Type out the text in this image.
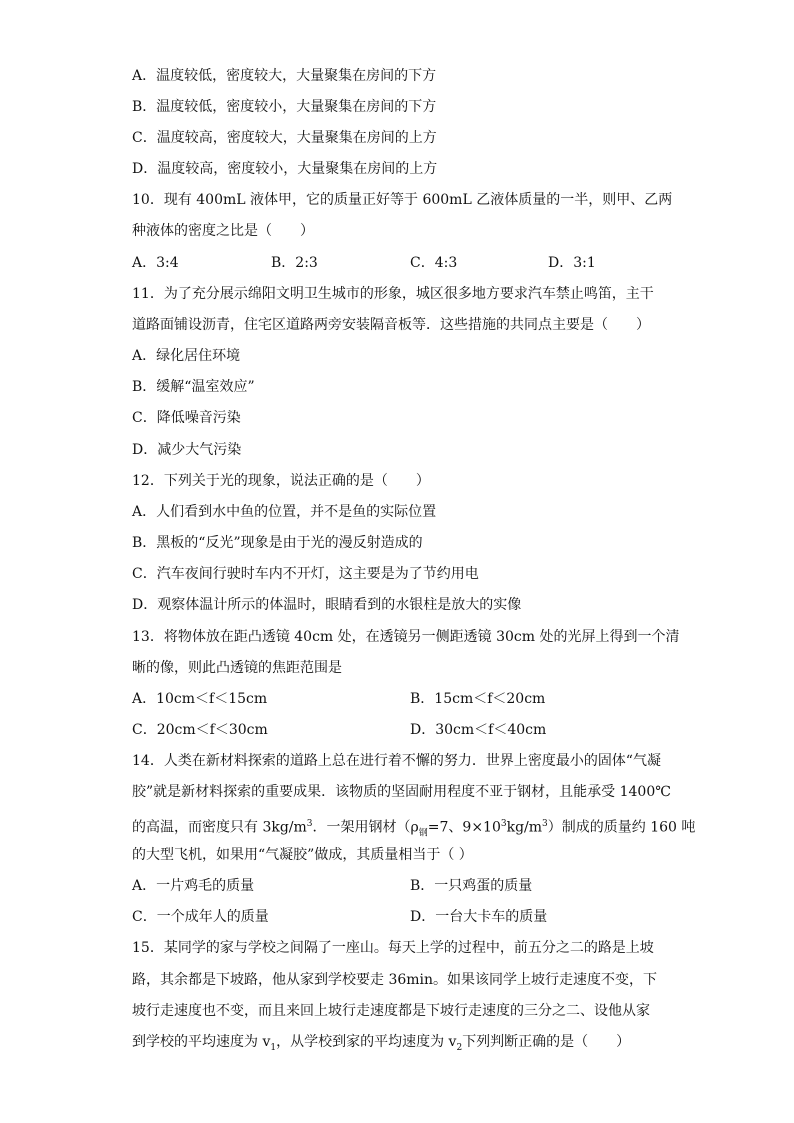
A．温度较低，密度较大，大量聚集在房间的下方
B．温度较低，密度较小，大量聚集在房间的下方
C．温度较高，密度较大，大量聚集在房间的上方
D．温度较高，密度较小，大量聚集在房间的上方
10．现有 400mL 液体甲，它的质量正好等于 600mL 乙液体质量的一半，则甲、乙两
种液体的密度之比是（　　）
A．3:4	B．2:3	C．4:3	D．3:1
11．为了充分展示绵阳文明卫生城市的形象，城区很多地方要求汽车禁止鸣笛，主干
道路面铺设沥青，住宅区道路两旁安装隔音板等．这些措施的共同点主要是（　　）
A．绿化居住环境
B．缓解“温室效应”
C．降低噪音污染
D．减少大气污染
12．下列关于光的现象，说法正确的是（　　）
A．人们看到水中鱼的位置，并不是鱼的实际位置
B．黑板的“反光”现象是由于光的漫反射造成的
C．汽车夜间行驶时车内不开灯，这主要是为了节约用电
D．观察体温计所示的体温时，眼睛看到的水银柱是放大的实像
13．将物体放在距凸透镜 40cm 处，在透镜另一侧距透镜 30cm 处的光屏上得到一个清
晰的像，则此凸透镜的焦距范围是
A．10cm＜f＜15cm	B．15cm＜f＜20cm
C．20cm＜f＜30cm	D．30cm＜f＜40cm
14．人类在新材料探索的道路上总在进行着不懈的努力．世界上密度最小的固体“气凝
胶”就是新材料探索的重要成果．该物质的坚固耐用程度不亚于钢材，且能承受 1400℃
的高温，而密度只有 $3kg/m^3$．一架用钢材（$\rho_钢=7$、$9\times 10^3kg/m^3$）制成的质量约 160 吨
的大型飞机，如果用“气凝胶”做成，其质量相当于（ ）
A．一片鸡毛的质量	B．一只鸡蛋的质量
C．一个成年人的质量	D．一台大卡车的质量
15．某同学的家与学校之间隔了一座山。每天上学的过程中，前五分之二的路是上坡
路，其余都是下坡路，他从家到学校要走 36min。如果该同学上坡行走速度不变，下
坡行走速度也不变，而且来回上坡行走速度都是下坡行走速度的三分之二、设他从家
到学校的平均速度为 $v_1$，从学校到家的平均速度为 $v_2$下列判断正确的是（　　）
